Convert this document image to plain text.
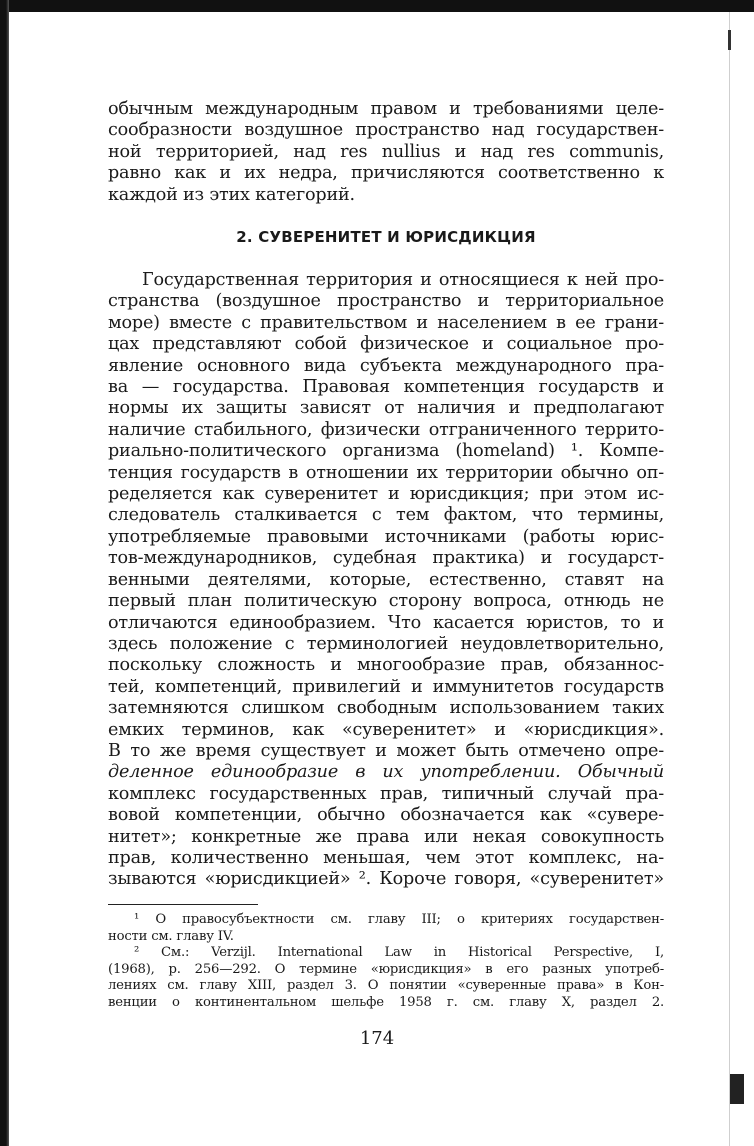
обычным международным правом и требованиями целе-
сообразности воздушное пространство над государствен-
ной территорией, над res nullius и над res communis,
равно как и их недра, причисляются соответственно к
каждой из этих категорий.
2. СУВЕРЕНИТЕТ И ЮРИСДИКЦИЯ
Государственная территория и относящиеся к ней про-
странства (воздушное пространство и территориальное
море) вместе с правительством и населением в ее грани-
цах представляют собой физическое и социальное про-
явление основного вида субъекта международного пра-
ва — государства. Правовая компетенция государств и
нормы их защиты зависят от наличия и предполагают
наличие стабильного, физически отграниченного террито-
риально-политического организма (homeland) ¹. Компе-
тенция государств в отношении их территории обычно оп-
ределяется как суверенитет и юрисдикция; при этом ис-
следователь сталкивается с тем фактом, что термины,
употребляемые правовыми источниками (работы юрис-
тов-международников, судебная практика) и государст-
венными деятелями, которые, естественно, ставят на
первый план политическую сторону вопроса, отнюдь не
отличаются единообразием. Что касается юристов, то и
здесь положение с терминологией неудовлетворительно,
поскольку сложность и многообразие прав, обязаннос-
тей, компетенций, привилегий и иммунитетов государств
затемняются слишком свободным использованием таких
емких терминов, как «суверенитет» и «юрисдикция».
В то же время существует и может быть отмечено опре-
деленное единообразие в их употреблении. Обычный
комплекс государственных прав, типичный случай пра-
вовой компетенции, обычно обозначается как «сувере-
нитет»; конкретные же права или некая совокупность
прав, количественно меньшая, чем этот комплекс, на-
зываются «юрисдикцией» ². Короче говоря, «суверенитет»
¹ О правосубъектности см. главу III; о критериях государствен-
ности см. главу IV.
² См.: Verzijl. International Law in Historical Perspective, I,
(1968), p. 256—292. О термине «юрисдикция» в его разных употреб-
лениях см. главу XIII, раздел 3. О понятии «суверенные права» в Кон-
венции о континентальном шельфе 1958 г. см. главу X, раздел 2.
174
